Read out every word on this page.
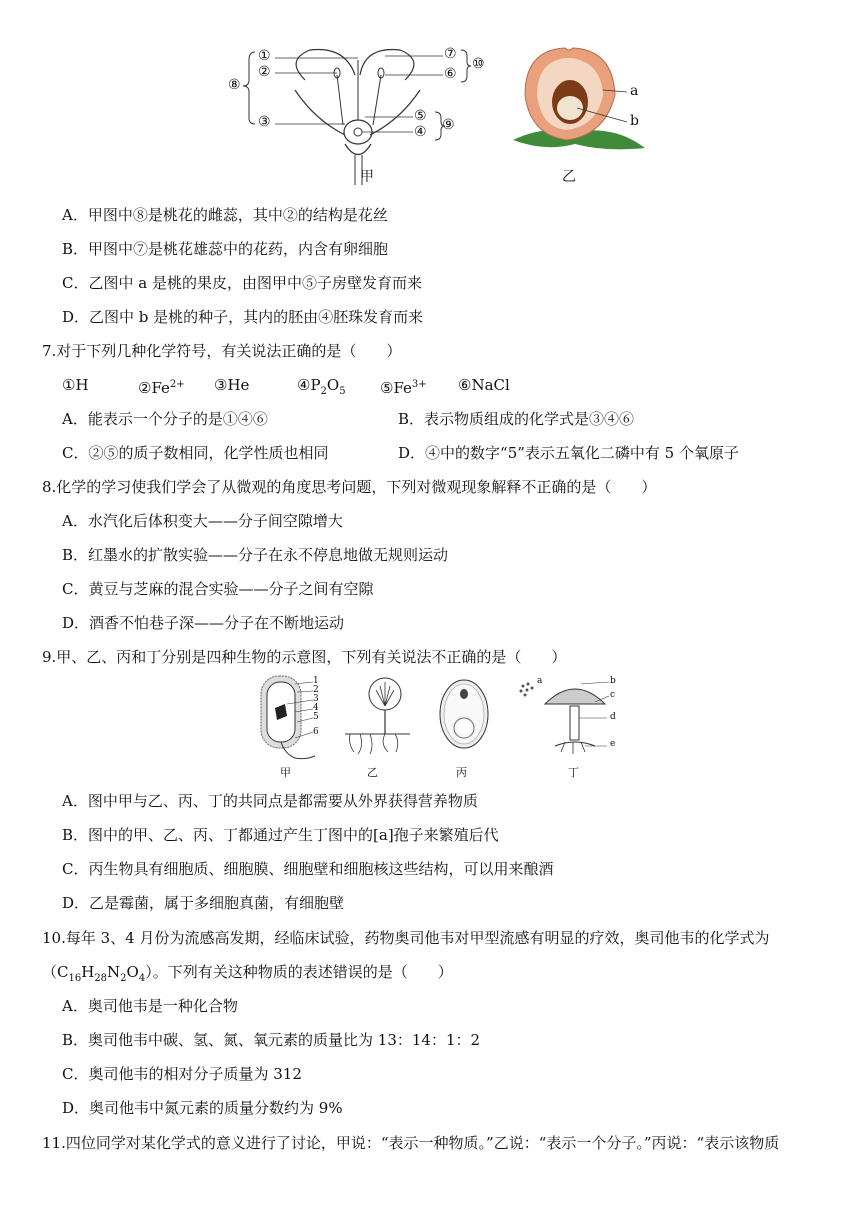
①
②
⑧
③
⑦
⑥
⑩
⑤
④ ⑨
甲
a
b
乙
A．甲图中⑧是桃花的雌蕊，其中②的结构是花丝
B．甲图中⑦是桃花雄蕊中的花药，内含有卵细胞
C．乙图中 a 是桃的果皮，由图甲中⑤子房壁发育而来
D．乙图中 b 是桃的种子，其内的胚由④胚珠发育而来
7.对于下列几种化学符号，有关说法正确的是（　　）
①H	$②Fe^{2+}$ ③He	$④P_2O_5$ $⑤Fe^{3+}$ ⑥NaCl
A．能表示一个分子的是①④⑥	B．表示物质组成的化学式是③④⑥
C．②⑤的质子数相同，化学性质也相同	D．④中的数字“5”表示五氧化二磷中有 5 个氧原子
8.化学的学习使我们学会了从微观的角度思考问题，下列对微观现象解释不正确的是（　　）
A．水汽化后体积变大——分子间空隙增大
B．红墨水的扩散实验——分子在永不停息地做无规则运动
C．黄豆与芝麻的混合实验——分子之间有空隙
D．酒香不怕巷子深——分子在不断地运动
9.甲、乙、丙和丁分别是四种生物的示意图，下列有关说法不正确的是（　　）
1
2
3
4
5
6
a	b
c
d
e
甲	乙	丙	丁
A．图中甲与乙、丙、丁的共同点是都需要从外界获得营养物质
B．图中的甲、乙、丙、丁都通过产生丁图中的[a]孢子来繁殖后代
C．丙生物具有细胞质、细胞膜、细胞壁和细胞核这些结构，可以用来酿酒
D．乙是霉菌，属于多细胞真菌，有细胞壁
10.每年 3、4 月份为流感高发期，经临床试验，药物奥司他韦对甲型流感有明显的疗效，奥司他韦的化学式为
$(C_{16}H_{28}N_2O_4)$。下列有关这种物质的表述错误的是（　　）
A．奥司他韦是一种化合物
B．奥司他韦中碳、氢、氮、氧元素的质量比为 13：14：1：2
C．奥司他韦的相对分子质量为 312
D．奥司他韦中氮元素的质量分数约为 9%
11.四位同学对某化学式的意义进行了讨论，甲说：“表示一种物质。”乙说：“表示一个分子。”丙说：“表示该物质
